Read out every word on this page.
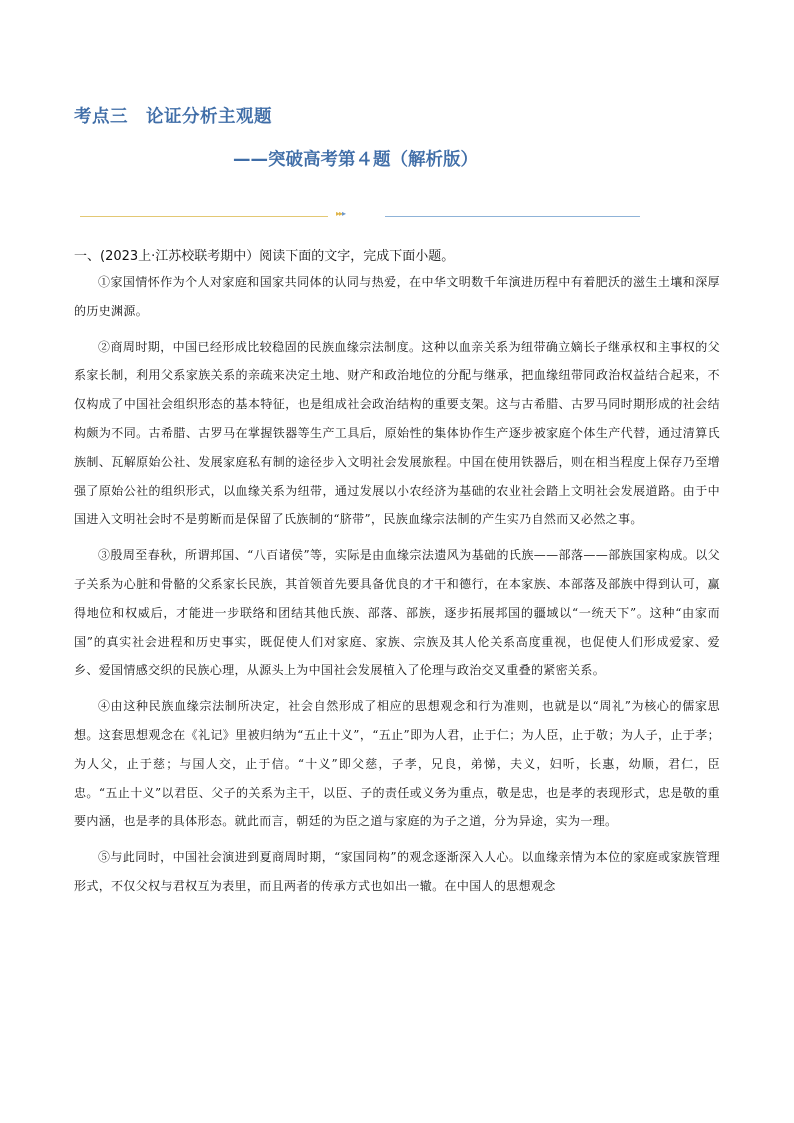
考点三　论证分析主观题
——突破高考第４题（解析版）
▸▸▸
一、(2023上·江苏校联考期中）阅读下面的文字，完成下面小题。

①家国情怀作为个人对家庭和国家共同体的认同与热爱，在中华文明数千年演进历程中有着肥沃的滋生土壤和深厚的历史渊源。

②商周时期，中国已经形成比较稳固的民族血缘宗法制度。这种以血亲关系为纽带确立嫡长子继承权和主事权的父系家长制，利用父系家族关系的亲疏来决定土地、财产和政治地位的分配与继承，把血缘纽带同政治权益结合起来，不仅构成了中国社会组织形态的基本特征，也是组成社会政治结构的重要支架。这与古希腊、古罗马同时期形成的社会结构颇为不同。古希腊、古罗马在掌握铁器等生产工具后，原始性的集体协作生产逐步被家庭个体生产代替，通过清算氏族制、瓦解原始公社、发展家庭私有制的途径步入文明社会发展旅程。中国在使用铁器后，则在相当程度上保存乃至增强了原始公社的组织形式，以血缘关系为纽带，通过发展以小农经济为基础的农业社会踏上文明社会发展道路。由于中国进入文明社会时不是剪断而是保留了氏族制的“脐带”，民族血缘宗法制的产生实乃自然而又必然之事。

③殷周至春秋，所谓邦国、“八百诸侯”等，实际是由血缘宗法遗风为基础的氏族——部落——部族国家构成。以父子关系为心脏和骨骼的父系家长民族，其首领首先要具备优良的才干和德行，在本家族、本部落及部族中得到认可，赢得地位和权威后，才能进一步联络和团结其他氏族、部落、部族，逐步拓展邦国的疆域以“一统天下”。这种“由家而国”的真实社会进程和历史事实，既促使人们对家庭、家族、宗族及其人伦关系高度重视，也促使人们形成爱家、爱乡、爱国情感交织的民族心理，从源头上为中国社会发展植入了伦理与政治交叉重叠的紧密关系。

④由这种民族血缘宗法制所决定，社会自然形成了相应的思想观念和行为准则，也就是以“周礼”为核心的儒家思想。这套思想观念在《礼记》里被归纳为“五止十义”，“五止”即为人君，止于仁；为人臣，止于敬；为人子，止于孝；为人父，止于慈；与国人交，止于信。“十义”即父慈，子孝，兄良，弟悌，夫义，妇听，长惠，幼顺，君仁，臣忠。“五止十义”以君臣、父子的关系为主干，以臣、子的责任或义务为重点，敬是忠，也是孝的表现形式，忠是敬的重要内涵，也是孝的具体形态。就此而言，朝廷的为臣之道与家庭的为子之道，分为异途，实为一理。

⑤与此同时，中国社会演进到夏商周时期，“家国同构”的观念逐渐深入人心。以血缘亲情为本位的家庭或家族管理形式，不仅父权与君权互为表里，而且两者的传承方式也如出一辙。在中国人的思想观念
